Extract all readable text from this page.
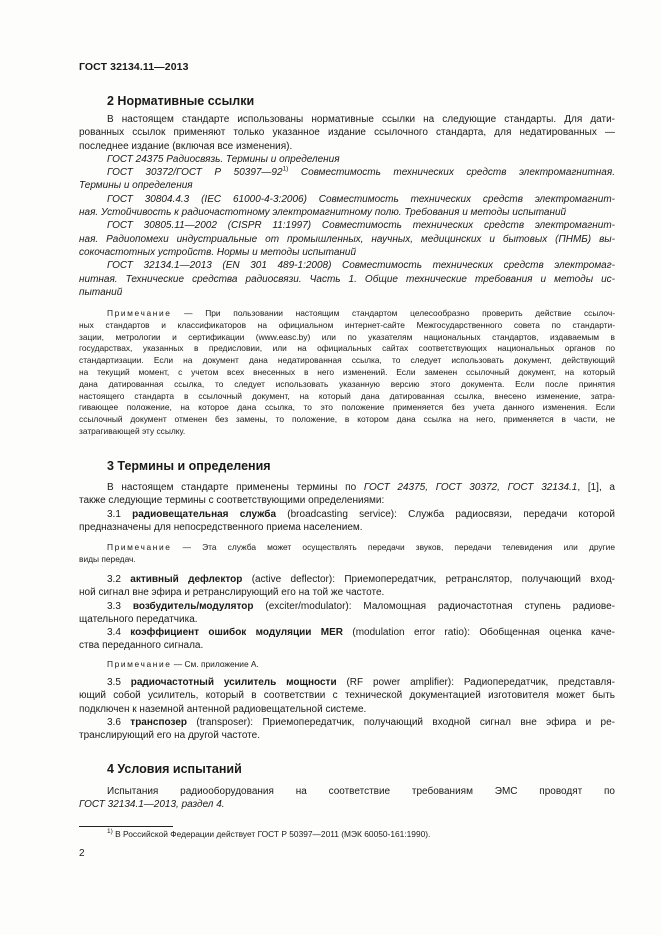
ГОСТ 32134.11—2013
2 Нормативные ссылки
В настоящем стандарте использованы нормативные ссылки на следующие стандарты. Для дати-
рованных ссылок применяют только указанное издание ссылочного стандарта, для недатированных —
последнее издание (включая все изменения).
ГОСТ 24375 Радиосвязь. Термины и определения
ГОСТ 30372/ГОСТ Р 50397—92$^{1)}$ Совместимость технических средств электромагнитная.
Термины и определения
ГОСТ 30804.4.3 (IEC 61000-4-3:2006) Совместимость технических средств электромагнит-
ная. Устойчивость к радиочастотному электромагнитному полю. Требования и методы испытаний
ГОСТ 30805.11—2002 (CISPR 11:1997) Совместимость технических средств электромагнит-
ная. Радиопомехи индустриальные от промышленных, научных, медицинских и бытовых (ПНМБ) вы-
сокочастотных устройств. Нормы и методы испытаний
ГОСТ 32134.1—2013 (EN 301 489-1:2008) Совместимость технических средств электромаг-
нитная. Технические средства радиосвязи. Часть 1. Общие технические требования и методы ис-
пытаний
Примечание — При пользовании настоящим стандартом целесообразно проверить действие ссылоч-
ных стандартов и классификаторов на официальном интернет-сайте Межгосударственного совета по стандарти-
зации, метрологии и сертификации (www.easc.by) или по указателям национальных стандартов, издаваемым в
государствах, указанных в предисловии, или на официальных сайтах соответствующих национальных органов по
стандартизации. Если на документ дана недатированная ссылка, то следует использовать документ, действующий
на текущий момент, с учетом всех внесенных в него изменений. Если заменен ссылочный документ, на который
дана датированная ссылка, то следует использовать указанную версию этого документа. Если после принятия
настоящего стандарта в ссылочный документ, на который дана датированная ссылка, внесено изменение, затра-
гивающее положение, на которое дана ссылка, то это положение применяется без учета данного изменения. Если
ссылочный документ отменен без замены, то положение, в котором дана ссылка на него, применяется в части, не
затрагивающей эту ссылку.
3 Термины и определения
В настоящем стандарте применены термины по ГОСТ 24375, ГОСТ 30372, ГОСТ 32134.1, [1], а
также следующие термины с соответствующими определениями:
3.1 радиовещательная служба (broadcasting service): Служба радиосвязи, передачи которой
предназначены для непосредственного приема населением.
Примечание — Эта служба может осуществлять передачи звуков, передачи телевидения или другие
виды передач.
3.2 активный дефлектор (active deflector): Приемопередатчик, ретранслятор, получающий вход-
ной сигнал вне эфира и ретранслирующий его на той же частоте.
3.3 возбудитель/модулятор (exciter/modulator): Маломощная радиочастотная ступень радиове-
щательного передатчика.
3.4 коэффициент ошибок модуляции MER (modulation error ratio): Обобщенная оценка каче-
ства переданного сигнала.
Примечание — См. приложение А.
3.5 радиочастотный усилитель мощности (RF power amplifier): Радиопередатчик, представля-
ющий собой усилитель, который в соответствии с технической документацией изготовителя может быть
подключен к наземной антенной радиовещательной системе.
3.6 транспозер (transposer): Приемопередатчик, получающий входной сигнал вне эфира и ре-
транслирующий его на другой частоте.
4 Условия испытаний
Испытания радиооборудования на соответствие требованиям ЭМС проводят по
ГОСТ 32134.1—2013, раздел 4.
$^{1)}$ В Российской Федерации действует ГОСТ Р 50397—2011 (МЭК 60050-161:1990).
2
